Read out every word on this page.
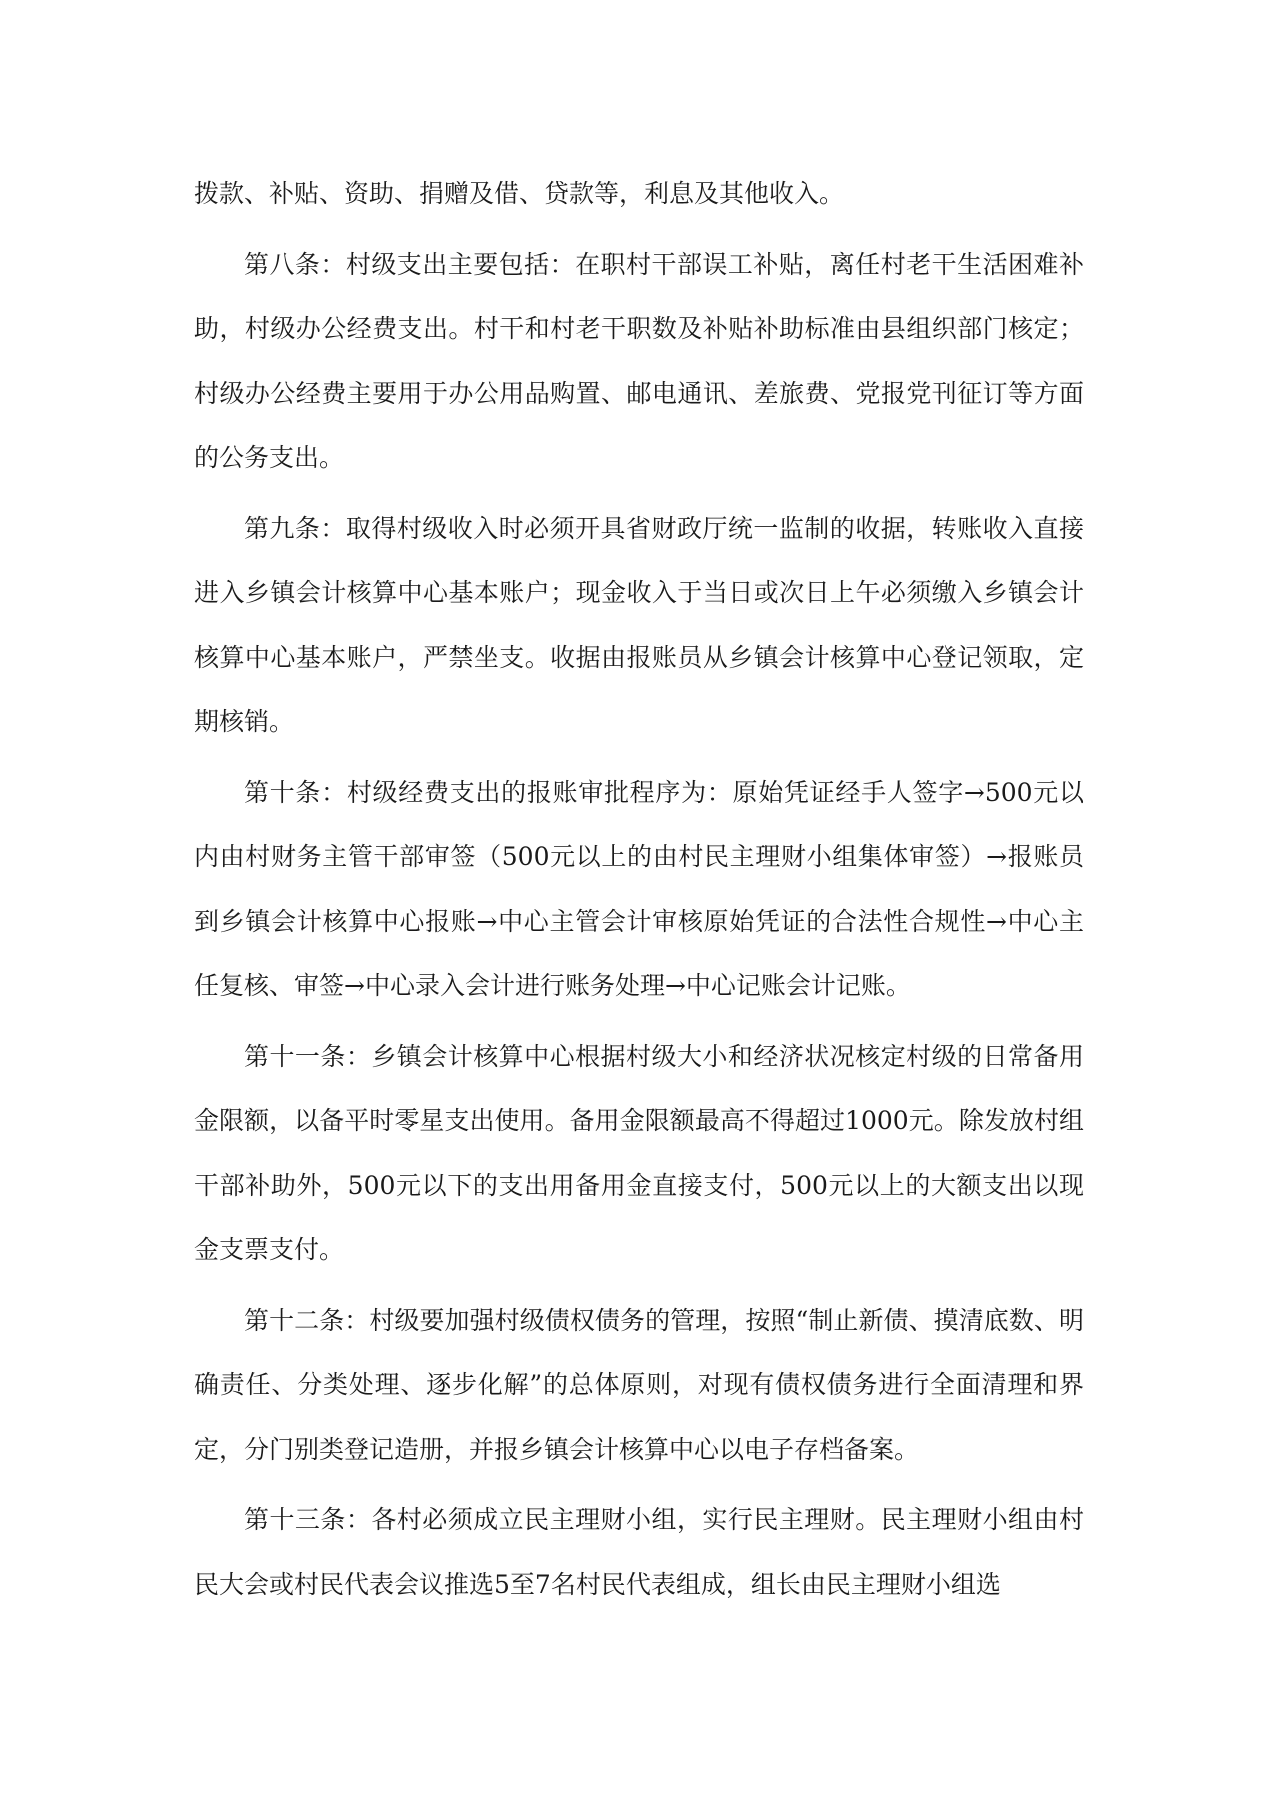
拨款、补贴、资助、捐赠及借、贷款等，利息及其他收入。

第八条：村级支出主要包括：在职村干部误工补贴，离任村老干生活困难补助，村级办公经费支出。村干和村老干职数及补贴补助标准由县组织部门核定；村级办公经费主要用于办公用品购置、邮电通讯、差旅费、党报党刊征订等方面的公务支出。

第九条：取得村级收入时必须开具省财政厅统一监制的收据，转账收入直接进入乡镇会计核算中心基本账户；现金收入于当日或次日上午必须缴入乡镇会计核算中心基本账户，严禁坐支。收据由报账员从乡镇会计核算中心登记领取，定期核销。

第十条：村级经费支出的报账审批程序为：原始凭证经手人签字→500元以内由村财务主管干部审签（500元以上的由村民主理财小组集体审签）→报账员到乡镇会计核算中心报账→中心主管会计审核原始凭证的合法性合规性→中心主任复核、审签→中心录入会计进行账务处理→中心记账会计记账。

第十一条：乡镇会计核算中心根据村级大小和经济状况核定村级的日常备用金限额，以备平时零星支出使用。备用金限额最高不得超过1000元。除发放村组干部补助外，500元以下的支出用备用金直接支付，500元以上的大额支出以现金支票支付。

第十二条：村级要加强村级债权债务的管理，按照“制止新债、摸清底数、明确责任、分类处理、逐步化解”的总体原则，对现有债权债务进行全面清理和界定，分门别类登记造册，并报乡镇会计核算中心以电子存档备案。

第十三条：各村必须成立民主理财小组，实行民主理财。民主理财小组由村民大会或村民代表会议推选5至7名村民代表组成，组长由民主理财小组选
